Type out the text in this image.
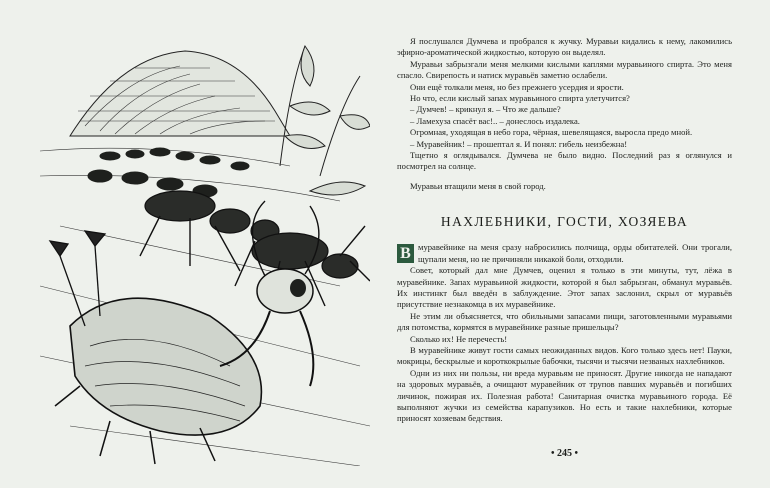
Я послушался Думчева и пробрался к жучку. Муравьи кидались к нему, лакомились эфирно-ароматической жидкостью, которую он выделял.

Муравьи забрызгали меня мелкими кислыми каплями муравьиного спирта. Это меня спасло. Свирепость и натиск муравьёв заметно ослабели.

Они ещё толкали меня, но без прежнего усердия и ярости.

Но что, если кислый запах муравьиного спирта улетучится?

– Думчев! – крикнул я. – Что же дальше?

– Ламехуза спасёт вас!.. – донеслось издалека.

Огромная, уходящая в небо гора, чёрная, шевелящаяся, выросла предо мной.

– Муравейник! – прошептал я. И понял: гибель неизбежна!

Тщетно я оглядывался. Думчева не было видно. Последний раз я оглянулся и посмотрел на солнце.

Муравьи втащили меня в свой город.

НАХЛЕБНИКИ, ГОСТИ, ХОЗЯЕВА

В муравейнике на меня сразу набросились полчища, орды обитателей. Они трогали, щупали меня, но не причиняли никакой боли, отходили.

Совет, который дал мне Думчев, оценил я только в эти минуты, тут, лёжа в муравейнике. Запах муравьиной жидкости, которой я был забрызган, обманул муравьёв. Их инстинкт был введён в заблуждение. Этот запах заслонил, скрыл от муравьёв присутствие незнакомца в их муравейнике.

Не этим ли объясняется, что обильными запасами пищи, заготовленными муравьями для потомства, кормятся в муравейнике разные пришельцы?

Сколько их! Не перечесть!

В муравейнике живут гости самых неожиданных видов. Кого только здесь нет! Пауки, мокрицы, бескрылые и короткокрылые бабочки, тысячи и тысячи незваных нахлебников.

Одни из них ни пользы, ни вреда муравьям не приносят. Другие никогда не нападают на здоровых муравьёв, а очищают муравейник от трупов павших муравьёв и погибших личинок, пожирая их. Полезная работа! Санитарная очистка муравьиного города. Её выполняют жучки из семейства карапузиков. Но есть и такие нахлебники, которые приносят хозяевам бедствия.

• 245 •
